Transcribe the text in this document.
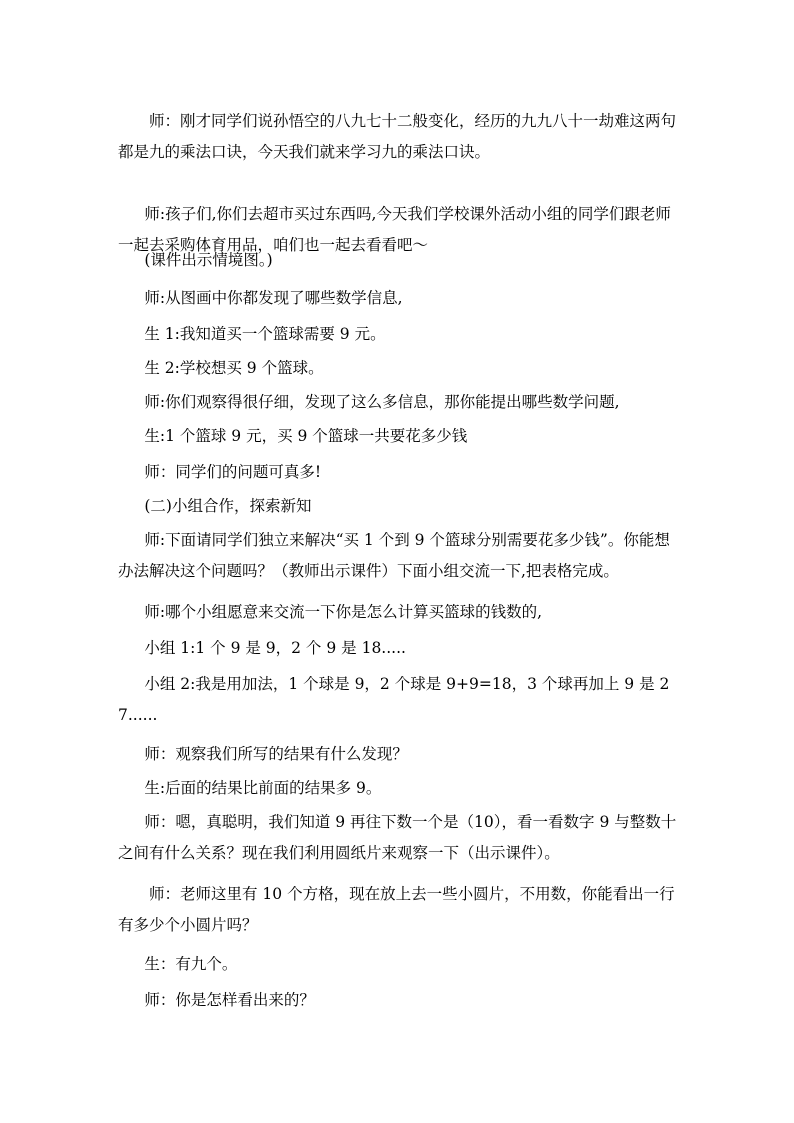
师：刚才同学们说孙悟空的八九七十二般变化，经历的九九八十一劫难这两句都是九的乘法口诀，今天我们就来学习九的乘法口诀。

师:孩子们,你们去超市买过东西吗,今天我们学校课外活动小组的同学们跟老师一起去采购体育用品，咱们也一起去看看吧～

(课件出示情境图。)

师:从图画中你都发现了哪些数学信息,

生 1:我知道买一个篮球需要 9 元。

生 2:学校想买 9 个篮球。

师:你们观察得很仔细，发现了这么多信息，那你能提出哪些数学问题,

生:1 个篮球 9 元，买 9 个篮球一共要花多少钱

师：同学们的问题可真多!

(二)小组合作，探索新知

师:下面请同学们独立来解决“买 1 个到 9 个篮球分别需要花多少钱”。你能想办法解决这个问题吗？（教师出示课件）下面小组交流一下,把表格完成。

师:哪个小组愿意来交流一下你是怎么计算买篮球的钱数的,

小组 1:1 个 9 是 9，2 个 9 是 18.....

小组 2:我是用加法，1 个球是 9，2 个球是 9+9=18，3 个球再加上 9 是 27......

师：观察我们所写的结果有什么发现？

生:后面的结果比前面的结果多 9。

师：嗯，真聪明，我们知道 9 再往下数一个是（10），看一看数字 9 与整数十之间有什么关系？现在我们利用圆纸片来观察一下（出示课件）。

师：老师这里有 10 个方格，现在放上去一些小圆片，不用数，你能看出一行有多少个小圆片吗？

生：有九个。

师：你是怎样看出来的？
